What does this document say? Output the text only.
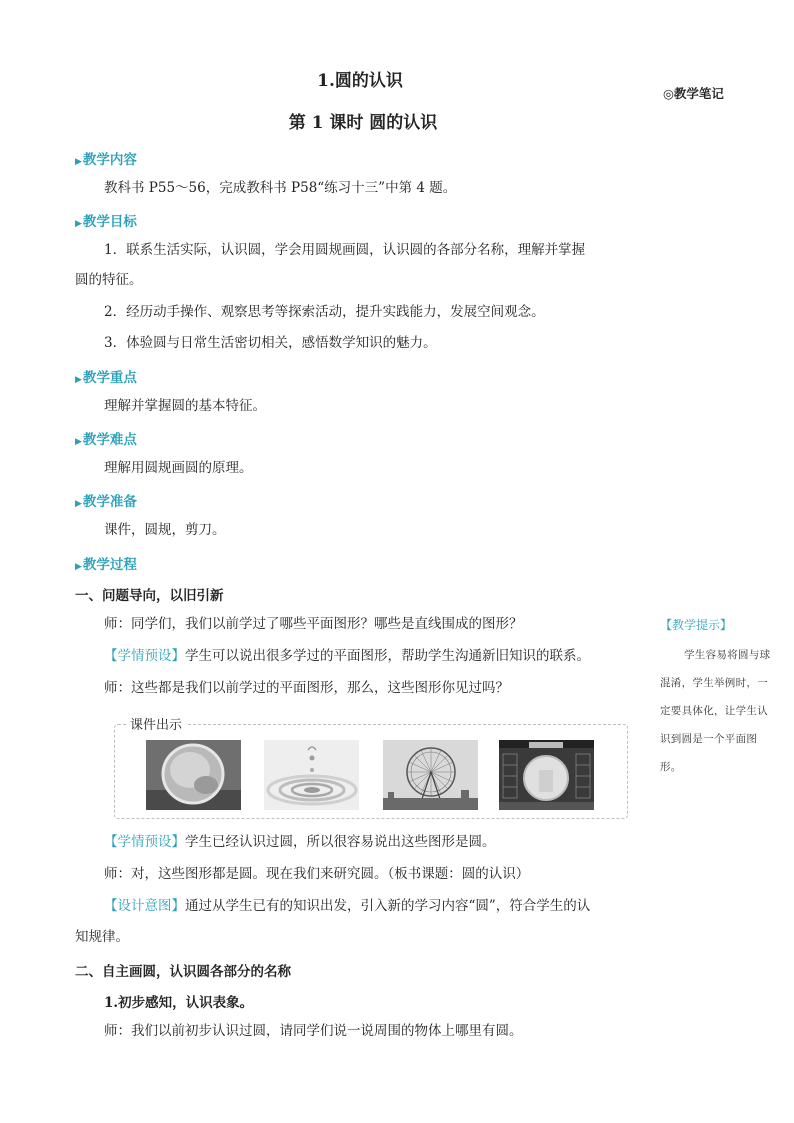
1.圆的认识
◎教学笔记
第 1 课时 圆的认识
▶教学内容
教科书 P55～56，完成教科书 P58“练习十三”中第 4 题。
▶教学目标
1．联系生活实际，认识圆，学会用圆规画圆，认识圆的各部分名称，理解并掌握
圆的特征。
2．经历动手操作、观察思考等探索活动，提升实践能力，发展空间观念。
3．体验圆与日常生活密切相关，感悟数学知识的魅力。
▶教学重点
理解并掌握圆的基本特征。
▶教学难点
理解用圆规画圆的原理。
▶教学准备
课件，圆规，剪刀。
▶教学过程
一、问题导向，以旧引新
师：同学们，我们以前学过了哪些平面图形？哪些是直线围成的图形？
【学情预设】学生可以说出很多学过的平面图形，帮助学生沟通新旧知识的联系。
师：这些都是我们以前学过的平面图形，那么，这些图形你见过吗？
课件出示
【学情预设】学生已经认识过圆，所以很容易说出这些图形是圆。
师：对，这些图形都是圆。现在我们来研究圆。（板书课题：圆的认识）
【设计意图】通过从学生已有的知识出发，引入新的学习内容“圆”，符合学生的认
知规律。
二、自主画圆，认识圆各部分的名称
1.初步感知，认识表象。
师：我们以前初步认识过圆，请同学们说一说周围的物体上哪里有圆。
【教学提示】
学生容易将圆与球混淆，学生举例时，一定要具体化，让学生认识到圆是一个平面图形。
